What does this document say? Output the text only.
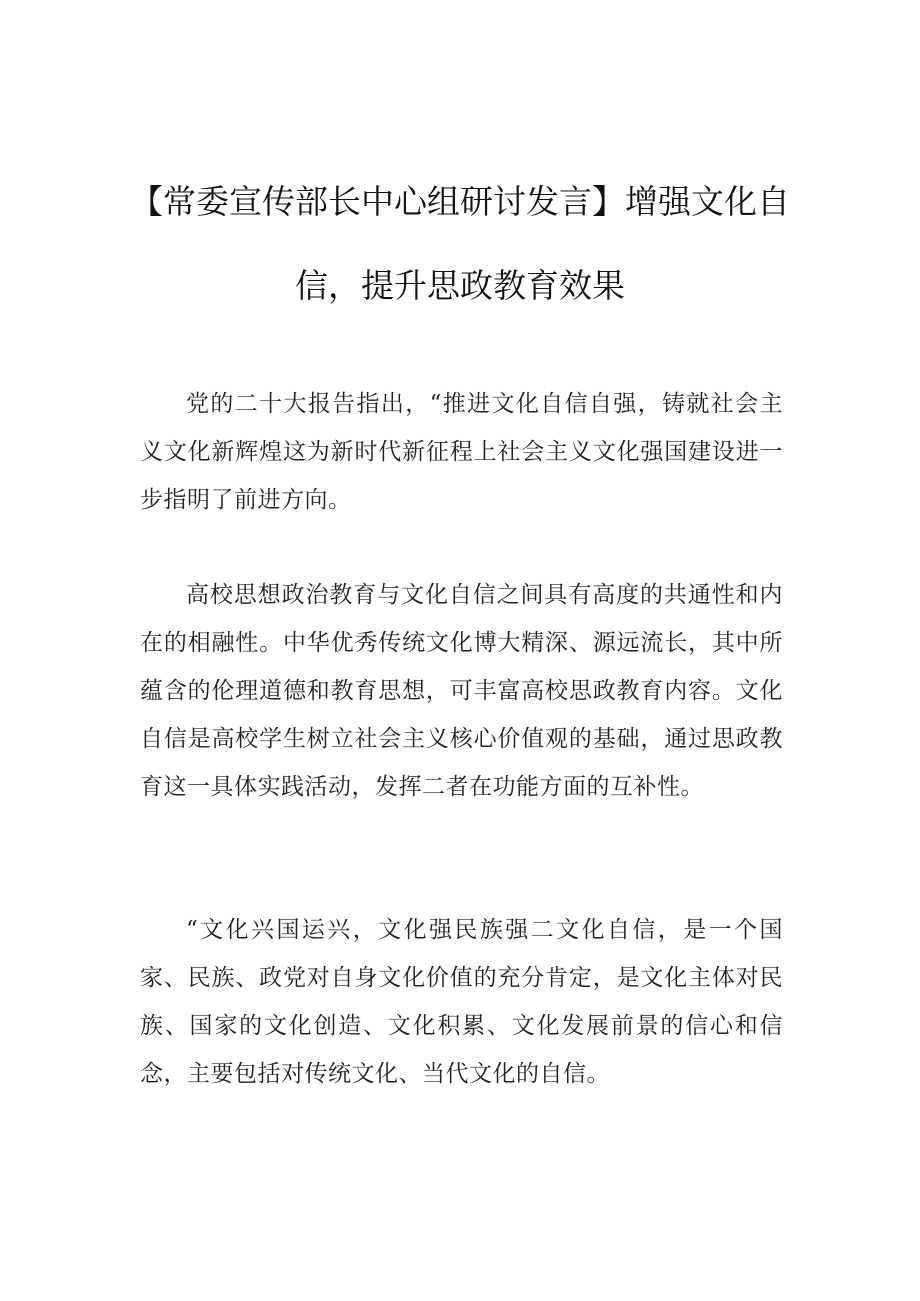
【常委宣传部长中心组研讨发言】增强文化自信，提升思政教育效果

党的二十大报告指出，“推进文化自信自强，铸就社会主义文化新辉煌这为新时代新征程上社会主义文化强国建设进一步指明了前进方向。

高校思想政治教育与文化自信之间具有高度的共通性和内在的相融性。中华优秀传统文化博大精深、源远流长，其中所蕴含的伦理道德和教育思想，可丰富高校思政教育内容。文化自信是高校学生树立社会主义核心价值观的基础，通过思政教育这一具体实践活动，发挥二者在功能方面的互补性。

“文化兴国运兴，文化强民族强二文化自信，是一个国家、民族、政党对自身文化价值的充分肯定，是文化主体对民族、国家的文化创造、文化积累、文化发展前景的信心和信念，主要包括对传统文化、当代文化的自信。
